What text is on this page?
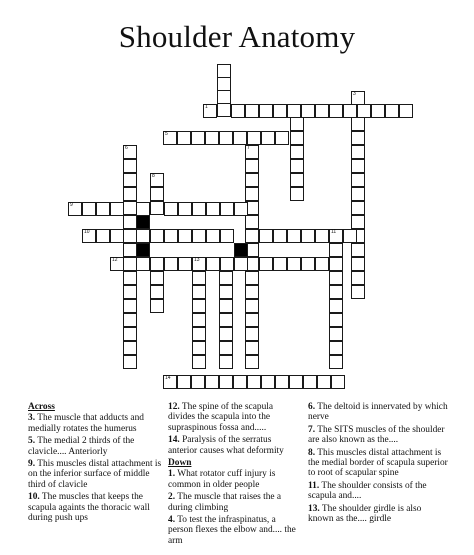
Shoulder Anatomy
1
3
5
6	7
8
9
10	11
12	13
14
Across
3. The muscle that adducts and medially rotates the humerus
5. The medial 2 thirds of the clavicle.... Anteriorly
9. This muscles distal attachment is on the inferior surface of middle third of clavicle
10. The muscles that keeps the scapula againts the thoracic wall during push ups
12. The spine of the scapula divides the scapula into the supraspinous fossa and.....
14. Paralysis of the serratus anterior causes what deformity
Down
1. What rotator cuff injury is common in older people
2. The muscle that raises the a during climbing
4. To test the infraspinatus, a person flexes the elbow and.... the arm
6. The deltoid is innervated by which nerve
7. The SITS muscles of the shoulder are also known as the....
8. This muscles distal attachment is the medial border of scapula superior to root of scapular spine
11. The shoulder consists of the scapula and....
13. The shoulder girdle is also known as the.... girdle
